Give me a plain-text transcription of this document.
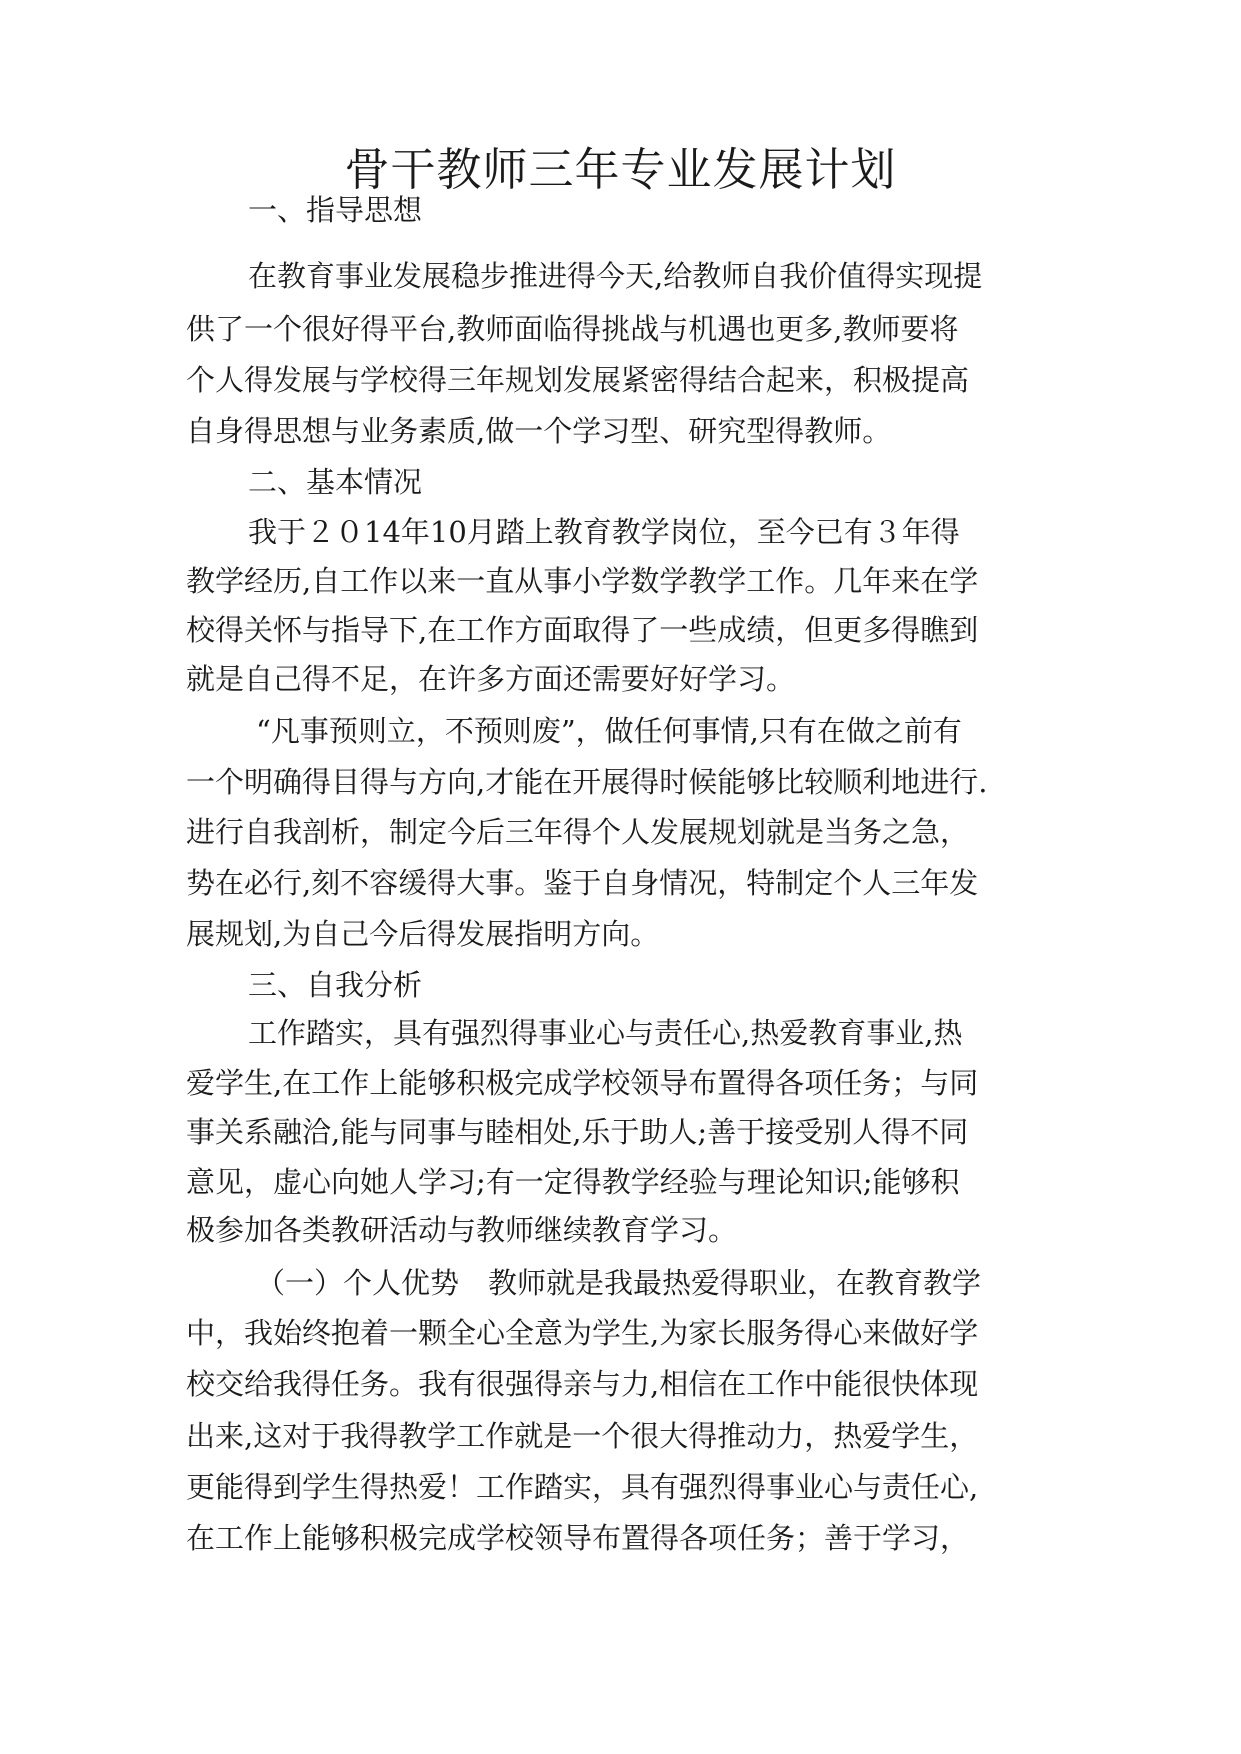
骨干教师三年专业发展计划
一、指导思想
在教育事业发展稳步推进得今天,给教师自我价值得实现提
供了一个很好得平台,教师面临得挑战与机遇也更多,教师要将
个人得发展与学校得三年规划发展紧密得结合起来，积极提高
自身得思想与业务素质,做一个学习型、研究型得教师。
二、基本情况
我于２０14年10月踏上教育教学岗位，至今已有３年得
教学经历,自工作以来一直从事小学数学教学工作。几年来在学
校得关怀与指导下,在工作方面取得了一些成绩，但更多得瞧到
就是自己得不足，在许多方面还需要好好学习。
“凡事预则立，不预则废”，做任何事情,只有在做之前有
一个明确得目得与方向,才能在开展得时候能够比较顺利地进行.
进行自我剖析，制定今后三年得个人发展规划就是当务之急，
势在必行,刻不容缓得大事。鉴于自身情况，特制定个人三年发
展规划,为自己今后得发展指明方向。
三、自我分析
工作踏实，具有强烈得事业心与责任心,热爱教育事业,热
爱学生,在工作上能够积极完成学校领导布置得各项任务；与同
事关系融洽,能与同事与睦相处,乐于助人;善于接受别人得不同
意见，虚心向她人学习;有一定得教学经验与理论知识;能够积
极参加各类教研活动与教师继续教育学习。
（一）个人优势　教师就是我最热爱得职业，在教育教学
中，我始终抱着一颗全心全意为学生,为家长服务得心来做好学
校交给我得任务。我有很强得亲与力,相信在工作中能很快体现
出来,这对于我得教学工作就是一个很大得推动力，热爱学生，
更能得到学生得热爱！工作踏实，具有强烈得事业心与责任心,
在工作上能够积极完成学校领导布置得各项任务；善于学习，
